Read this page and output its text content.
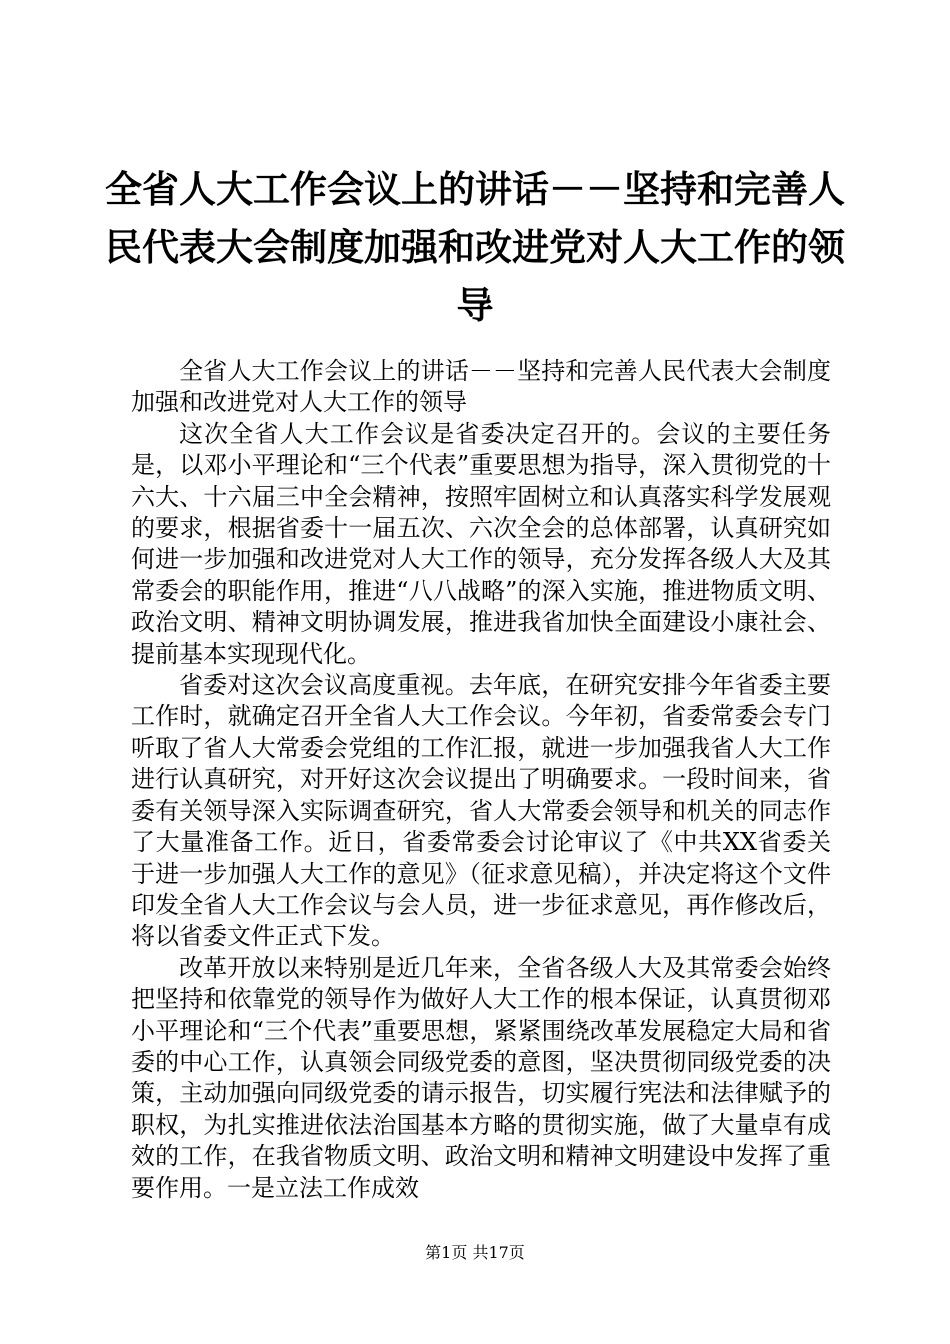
全省人大工作会议上的讲话－－坚持和完善人民代表大会制度加强和改进党对人大工作的领导

全省人大工作会议上的讲话－－坚持和完善人民代表大会制度加强和改进党对人大工作的领导

这次全省人大工作会议是省委决定召开的。会议的主要任务是，以邓小平理论和“三个代表”重要思想为指导，深入贯彻党的十六大、十六届三中全会精神，按照牢固树立和认真落实科学发展观的要求，根据省委十一届五次、六次全会的总体部署，认真研究如何进一步加强和改进党对人大工作的领导，充分发挥各级人大及其常委会的职能作用，推进“八八战略”的深入实施，推进物质文明、政治文明、精神文明协调发展，推进我省加快全面建设小康社会、提前基本实现现代化。

省委对这次会议高度重视。去年底，在研究安排今年省委主要工作时，就确定召开全省人大工作会议。今年初，省委常委会专门听取了省人大常委会党组的工作汇报，就进一步加强我省人大工作进行认真研究，对开好这次会议提出了明确要求。一段时间来，省委有关领导深入实际调查研究，省人大常委会领导和机关的同志作了大量准备工作。近日，省委常委会讨论审议了《中共XX省委关于进一步加强人大工作的意见》（征求意见稿），并决定将这个文件印发全省人大工作会议与会人员，进一步征求意见，再作修改后，将以省委文件正式下发。

改革开放以来特别是近几年来，全省各级人大及其常委会始终把坚持和依靠党的领导作为做好人大工作的根本保证，认真贯彻邓小平理论和“三个代表”重要思想，紧紧围绕改革发展稳定大局和省委的中心工作，认真领会同级党委的意图，坚决贯彻同级党委的决策，主动加强向同级党委的请示报告，切实履行宪法和法律赋予的职权，为扎实推进依法治国基本方略的贯彻实施，做了大量卓有成效的工作，在我省物质文明、政治文明和精神文明建设中发挥了重要作用。一是立法工作成效

第1页 共17页
